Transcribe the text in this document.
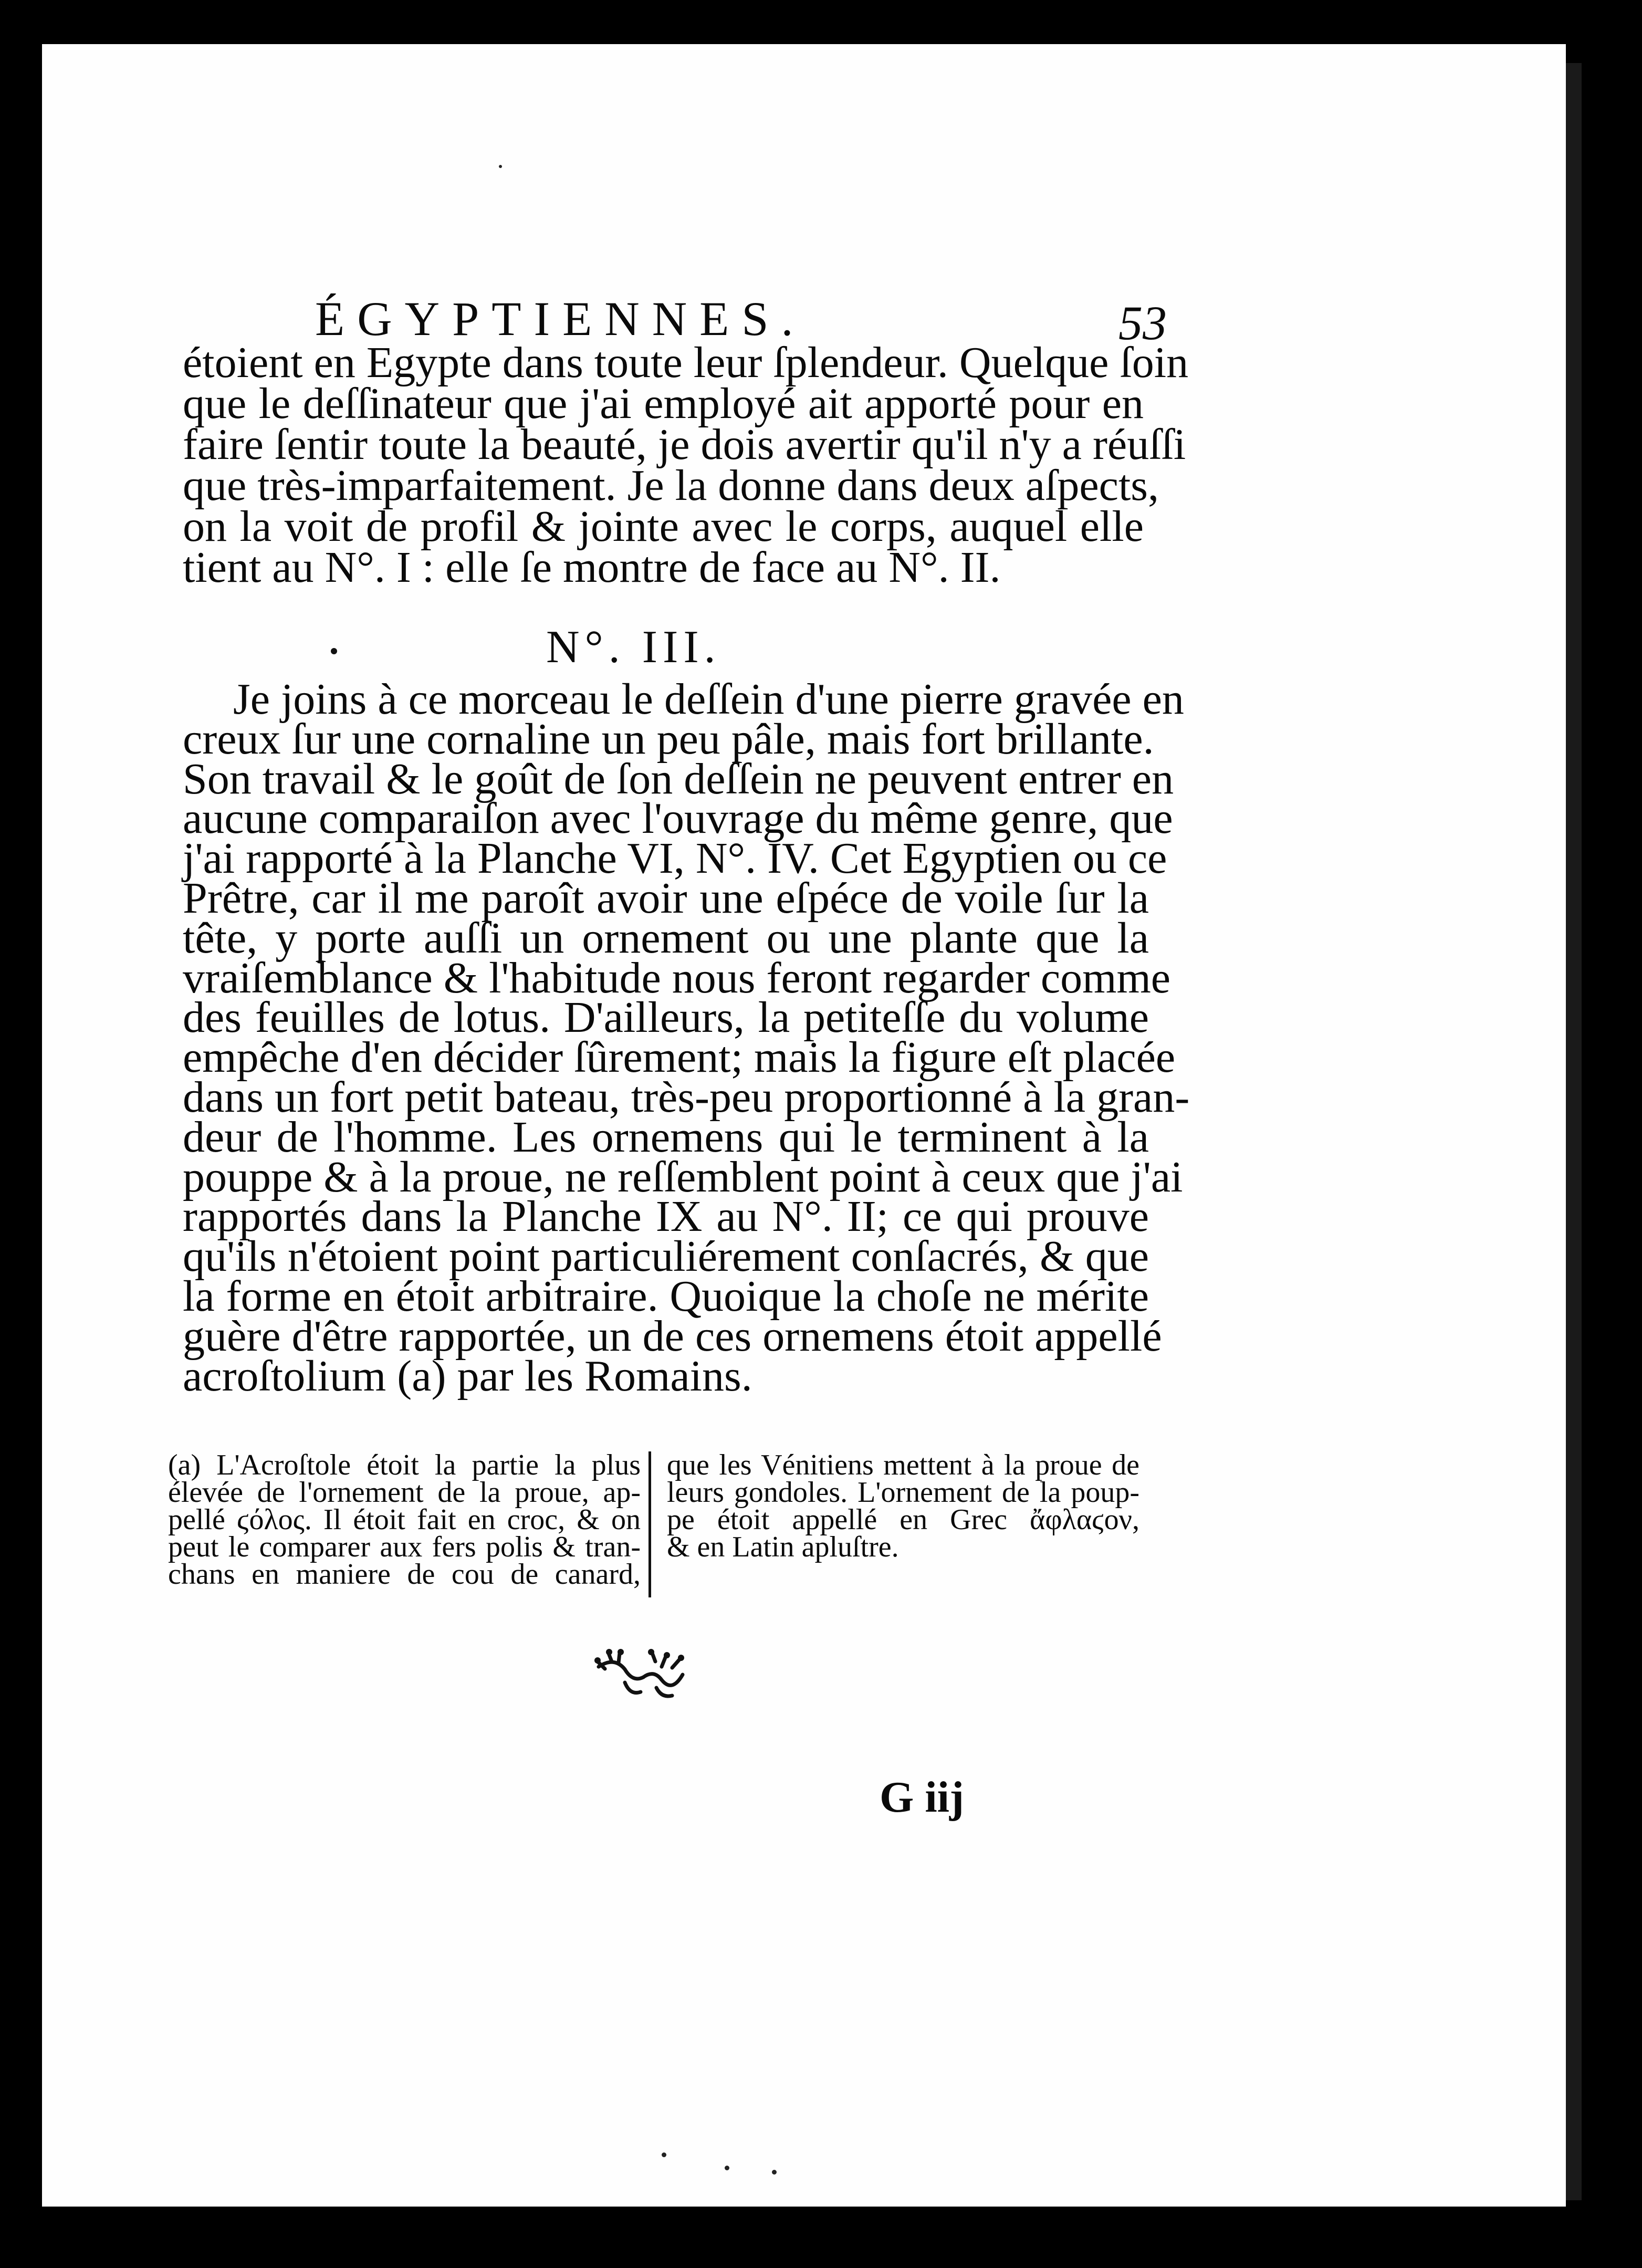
ÉGYPTIENNES.	53
étoient en Egypte dans toute leur ſplendeur. Quelque ſoin
que le deſſinateur que j'ai employé ait apporté pour en
faire ſentir toute la beauté, je dois avertir qu'il n'y a réuſſi
que très-imparfaitement. Je la donne dans deux aſpects,
on la voit de profil & jointe avec le corps, auquel elle
tient au N°. I : elle ſe montre de face au N°. II.
N°. III.
Je joins à ce morceau le deſſein d'une pierre gravée en
creux ſur une cornaline un peu pâle, mais fort brillante.
Son travail & le goût de ſon deſſein ne peuvent entrer en
aucune comparaiſon avec l'ouvrage du même genre, que
j'ai rapporté à la Planche VI, N°. IV. Cet Egyptien ou ce
Prêtre, car il me paroît avoir une eſpéce de voile ſur la
tête, y porte auſſi un ornement ou une plante que la
vraiſemblance & l'habitude nous feront regarder comme
des feuilles de lotus. D'ailleurs, la petiteſſe du volume
empêche d'en décider ſûrement; mais la figure eſt placée
dans un fort petit bateau, très-peu proportionné à la gran-
deur de l'homme. Les ornemens qui le terminent à la
pouppe & à la proue, ne reſſemblent point à ceux que j'ai
rapportés dans la Planche IX au N°. II; ce qui prouve
qu'ils n'étoient point particuliérement conſacrés, & que
la forme en étoit arbitraire. Quoique la choſe ne mérite
guère d'être rapportée, un de ces ornemens étoit appellé
acroſtolium (a) par les Romains.
(a) L'Acroſtole étoit la partie la plus
élevée de l'ornement de la proue, ap-
pellé ϛόλος. Il étoit fait en croc, & on
peut le comparer aux fers polis & tran-
chans en maniere de cou de canard,
que les Vénitiens mettent à la proue de
leurs gondoles. L'ornement de la poup-
pe étoit appellé en Grec ἄφλαϛον,
& en Latin apluſtre.
G iij
